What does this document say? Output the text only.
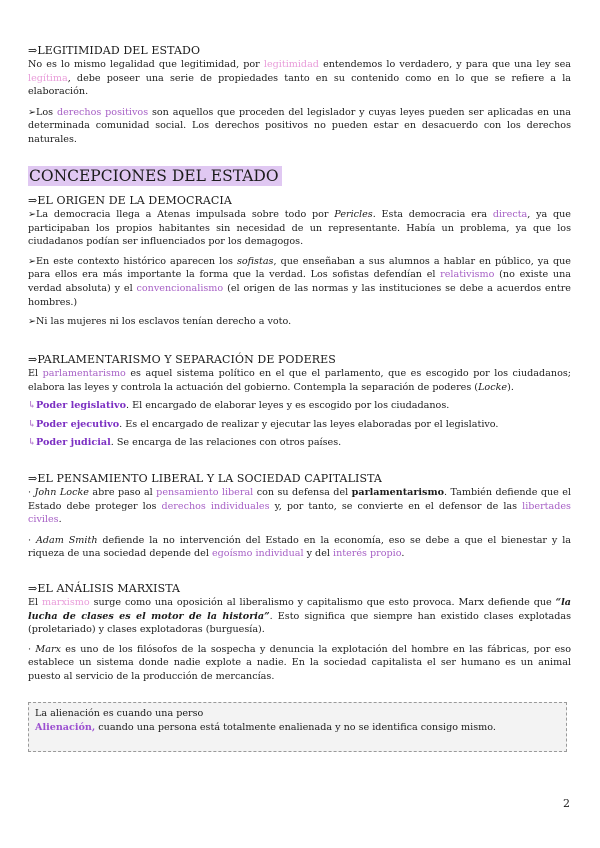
⇒LEGITIMIDAD DEL ESTADO

No es lo mismo legalidad que legitimidad, por legitimidad entendemos lo verdadero, y para que una ley sea legítima, debe poseer una serie de propiedades tanto en su contenido como en lo que se refiere a la elaboración.

➢Los derechos positivos son aquellos que proceden del legislador y cuyas leyes pueden ser aplicadas en una determinada comunidad social. Los derechos positivos no pueden estar en desacuerdo con los derechos naturales.

CONCEPCIONES DEL ESTADO
⇒EL ORIGEN DE LA DEMOCRACIA

➢La democracia llega a Atenas impulsada sobre todo por Pericles. Esta democracia era directa, ya que participaban los propios habitantes sin necesidad de un representante. Había un problema, ya que los ciudadanos podían ser influenciados por los demagogos.

➢En este contexto histórico aparecen los sofistas, que enseñaban a sus alumnos a hablar en público, ya que para ellos era más importante la forma que la verdad. Los sofistas defendían el relativismo (no existe una verdad absoluta) y el convencionalismo (el origen de las normas y las instituciones se debe a acuerdos entre hombres.)

➢Ni las mujeres ni los esclavos tenían derecho a voto.

⇒PARLAMENTARISMO Y SEPARACIÓN DE PODERES

El parlamentarismo es aquel sistema político en el que el parlamento, que es escogido por los ciudadanos; elabora las leyes y controla la actuación del gobierno. Contempla la separación de poderes (Locke).

↳Poder legislativo. El encargado de elaborar leyes y es escogido por los ciudadanos.

↳Poder ejecutivo. Es el encargado de realizar y ejecutar las leyes elaboradas por el legislativo.

↳Poder judicial. Se encarga de las relaciones con otros países.

⇒EL PENSAMIENTO LIBERAL Y LA SOCIEDAD CAPITALISTA

· John Locke abre paso al pensamiento liberal con su defensa del parlamentarismo. También defiende que el Estado debe proteger los derechos individuales y, por tanto, se convierte en el defensor de las libertades civiles.

· Adam Smith defiende la no intervención del Estado en la economía, eso se debe a que el bienestar y la riqueza de una sociedad depende del egoísmo individual y del interés propio.

⇒EL ANÁLISIS MARXISTA

El marxismo surge como una oposición al liberalismo y capitalismo que esto provoca. Marx defiende que “la lucha de clases es el motor de la historia”. Esto significa que siempre han existido clases explotadas (proletariado) y clases explotadoras (burguesía).

· Marx es uno de los filósofos de la sospecha y denuncia la explotación del hombre en las fábricas, por eso establece un sistema donde nadie explote a nadie. En la sociedad capitalista el ser humano es un animal puesto al servicio de la producción de mercancías.

La alienación es cuando una perso
Alienación, cuando una persona está totalmente enalienada y no se identifica consigo mismo.
2
